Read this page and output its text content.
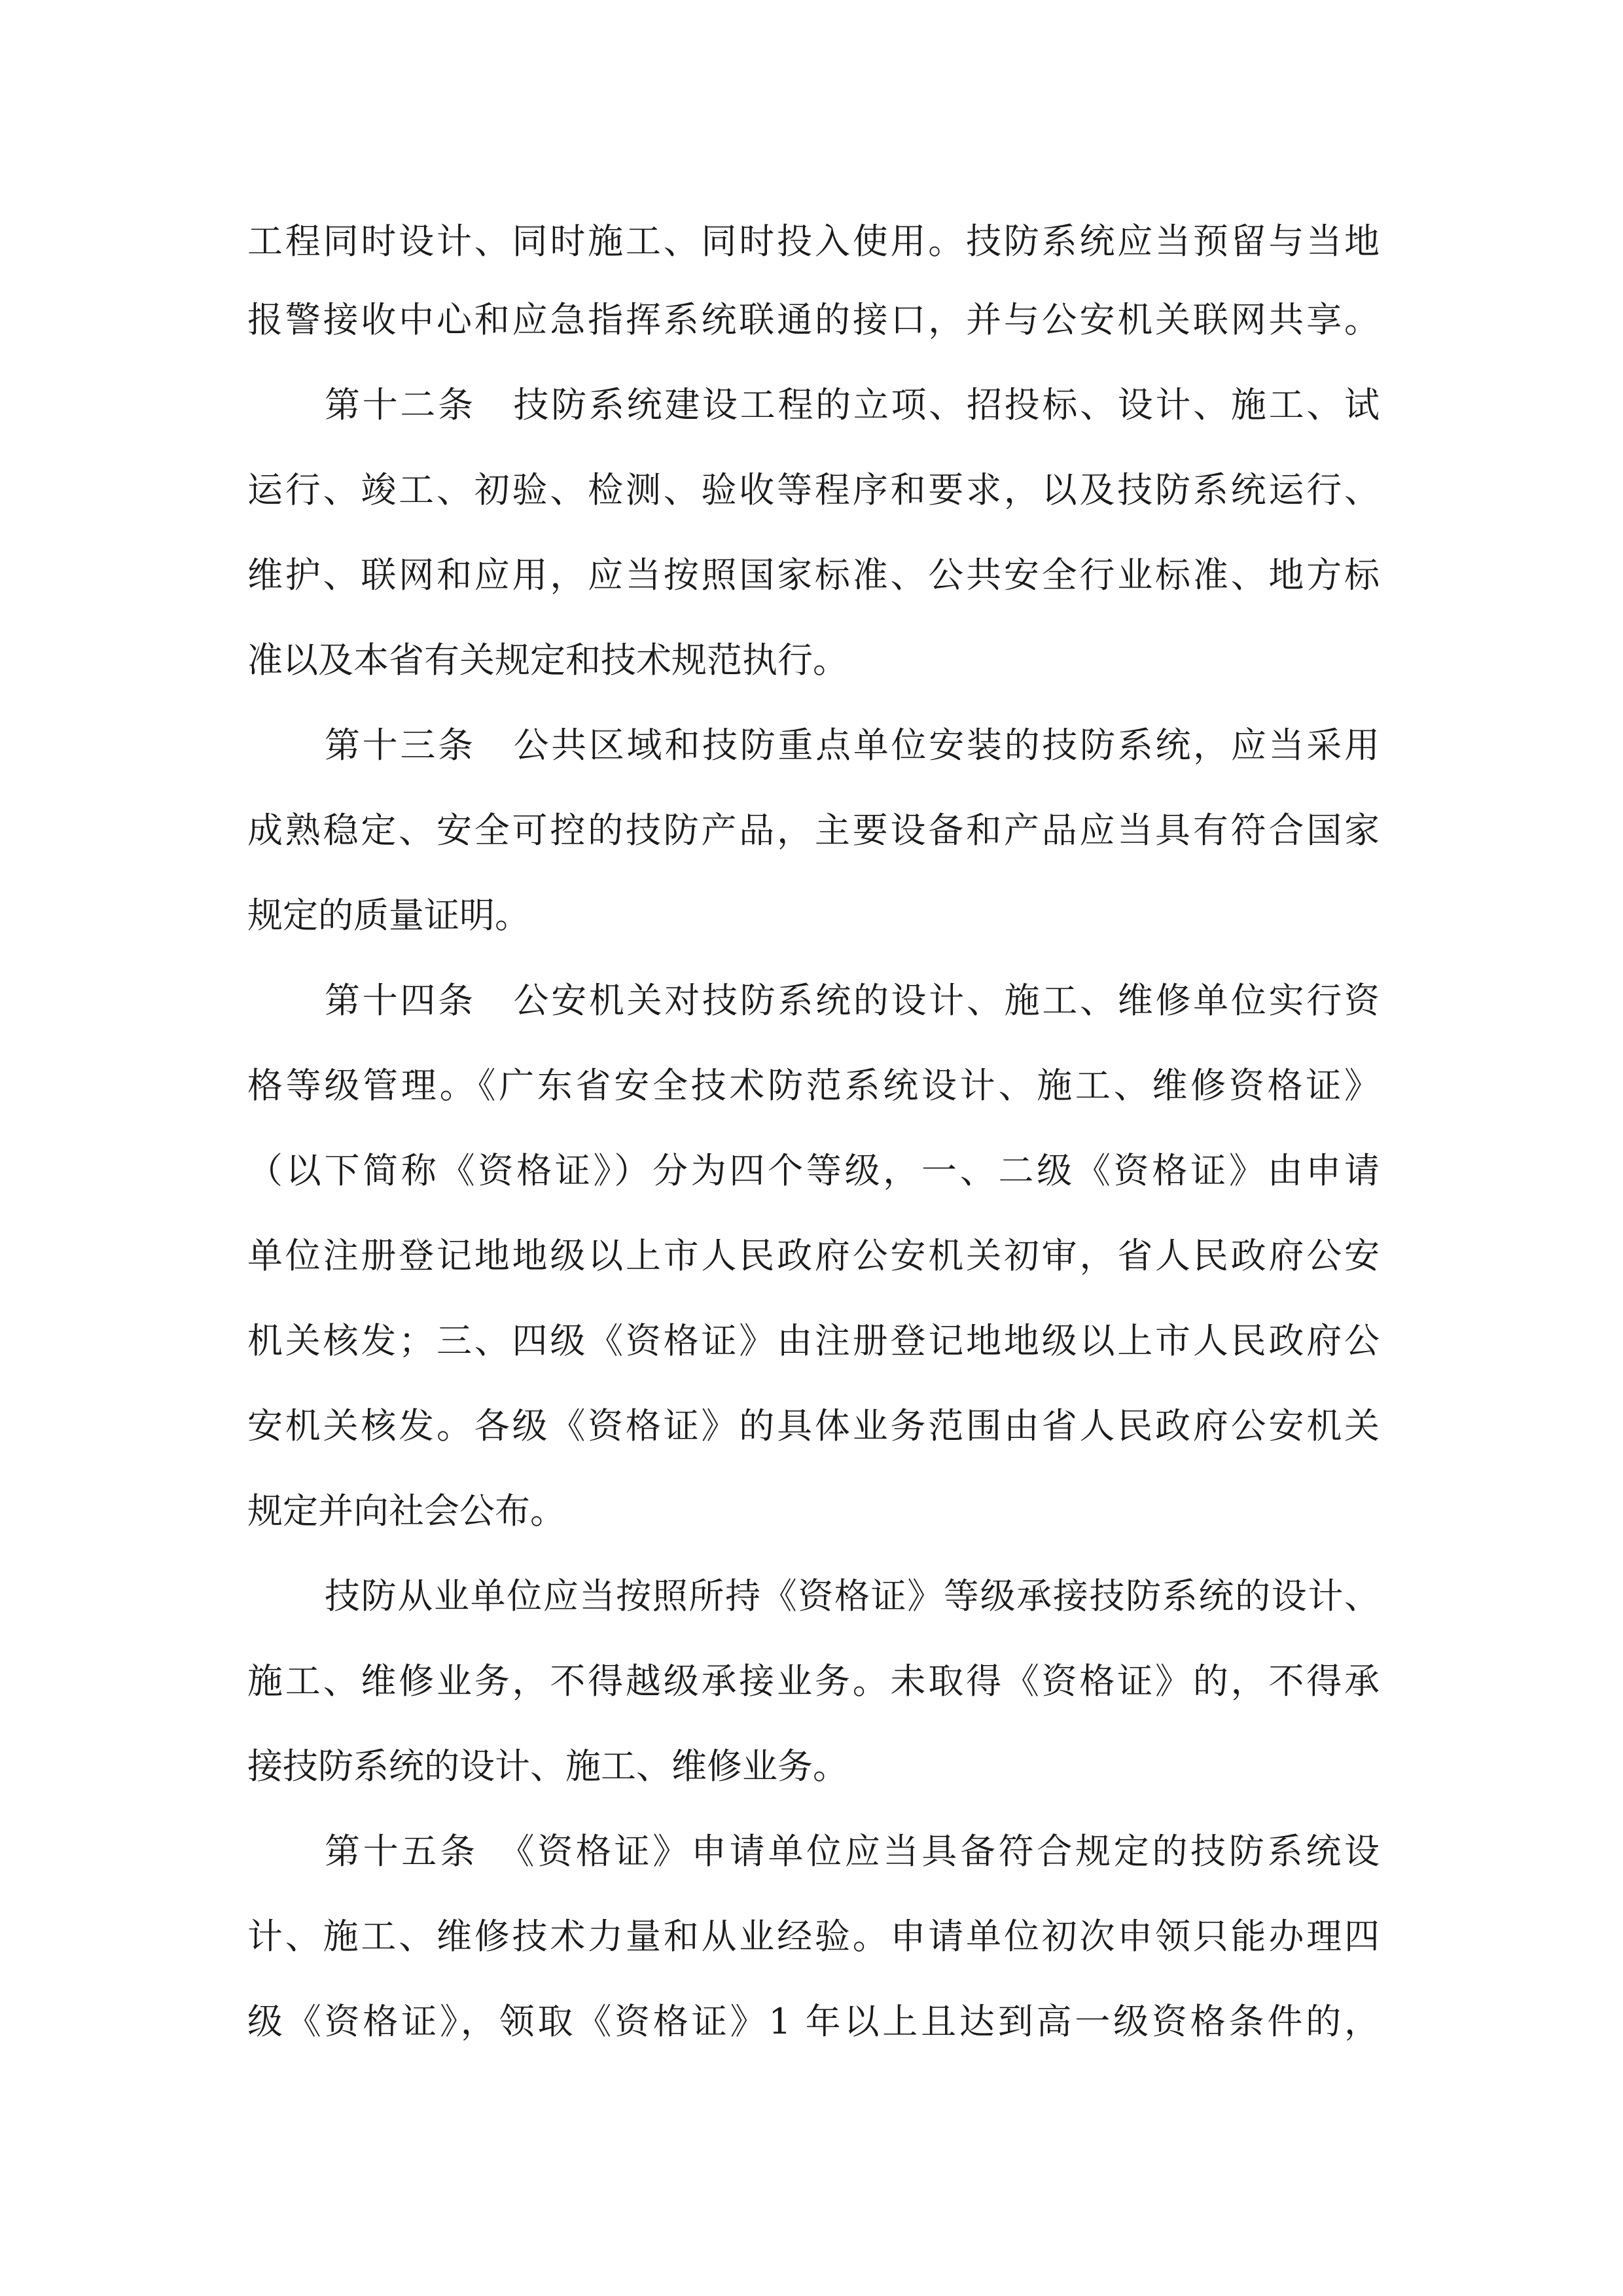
工程同时设计、同时施工、同时投入使用。技防系统应当预留与当地

报警接收中心和应急指挥系统联通的接口，并与公安机关联网共享。

第十二条　技防系统建设工程的立项、招投标、设计、施工、试

运行、竣工、初验、检测、验收等程序和要求，以及技防系统运行、

维护、联网和应用，应当按照国家标准、公共安全行业标准、地方标

准以及本省有关规定和技术规范执行。

第十三条　公共区域和技防重点单位安装的技防系统，应当采用

成熟稳定、安全可控的技防产品，主要设备和产品应当具有符合国家

规定的质量证明。

第十四条　公安机关对技防系统的设计、施工、维修单位实行资

格等级管理。《广东省安全技术防范系统设计、施工、维修资格证》

（以下简称《资格证》）分为四个等级，一、二级《资格证》由申请

单位注册登记地地级以上市人民政府公安机关初审，省人民政府公安

机关核发；三、四级《资格证》由注册登记地地级以上市人民政府公

安机关核发。各级《资格证》的具体业务范围由省人民政府公安机关

规定并向社会公布。

技防从业单位应当按照所持《资格证》等级承接技防系统的设计、

施工、维修业务，不得越级承接业务。未取得《资格证》的，不得承

接技防系统的设计、施工、维修业务。

第十五条　《资格证》申请单位应当具备符合规定的技防系统设

计、施工、维修技术力量和从业经验。申请单位初次申领只能办理四

级《资格证》，领取《资格证》1 年以上且达到高一级资格条件的，
